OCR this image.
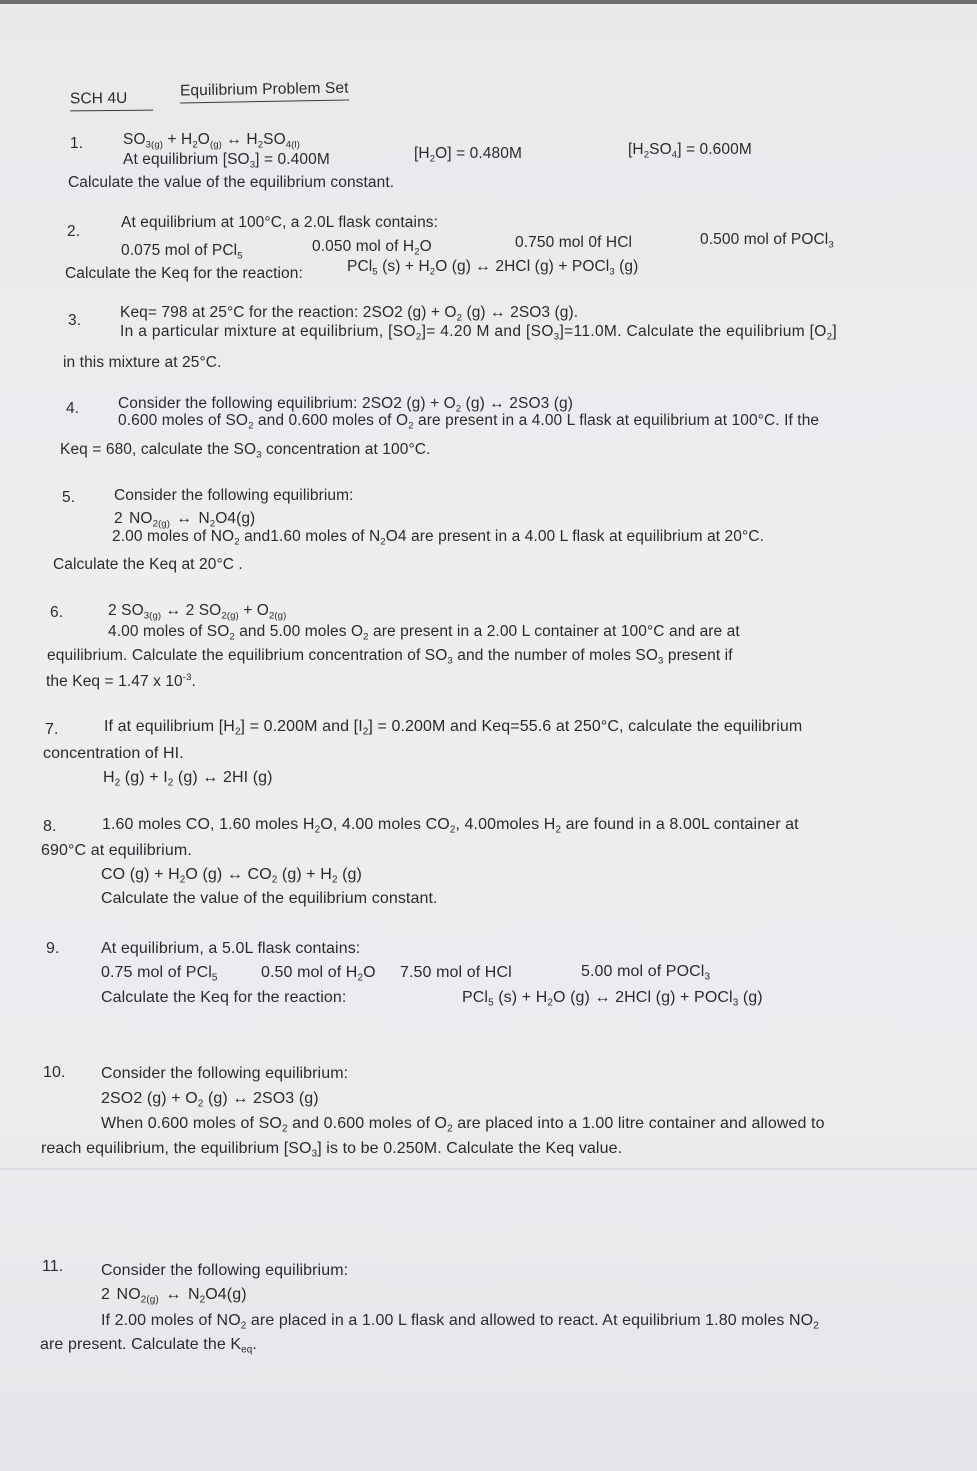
SCH 4U	Equilibrium Problem Set
1.	$SO_{3(g)} + H_2O_{(g)}$ ↔ $H_2SO_{4(l)}$
At equilibrium $[SO_3] = 0.400M$	$[H_2O] = 0.480M$	$[H_2SO_4] = 0.600M$
Calculate the value of the equilibrium constant.
2.
At equilibrium at 100°C, a 2.0L flask contains:
0.075 mol of PCl$_5$
0.050 mol of $H_2O$	0.750 mol 0f HCl	0.500 mol of POCl$_3$
Calculate the Keq for the reaction:	PCl$_5$ $(s) + H_2O$ (g) ↔ 2HCl (g) + POCl$_3$ (g)
3.	Keq= 798 at 25°C for the reaction: 2SO2 $(g) + O_2$ (g) ↔ 2SO3 (g).
In a particular mixture at equilibrium, $[SO_2]= 4.20$ M and $[SO_3]=11.0M$. Calculate the equilibrium $[O_2]$
in this mixture at 25°C.
4.	Consider the following equilibrium: 2SO2 $(g) + O_2$ (g) ↔ 2SO3 (g)
0.600 moles of $SO_2$ and 0.600 moles of $O_2$ are present in a 4.00 L flask at equilibrium at 100°C. If the
Keq = 680, calculate the $SO_3$ concentration at 100°C.
5.	Consider the following equilibrium:
2 $NO_{2(g)}$ ↔ $N_2O4(g)$
2.00 moles of $NO_2$ and1.60 moles of $N_2O4$ are present in a 4.00 L flask at equilibrium at 20°C.
Calculate the Keq at 20°C .
6.	2 $SO_{3(g)}$ ↔ 2 $SO_{2(g)} + O_{2(g)}$
4.00 moles of $SO_2$ and 5.00 moles $O_2$ are present in a 2.00 L container at 100°C and are at
equilibrium. Calculate the equilibrium concentration of $SO_3$ and the number of moles $SO_3$ present if
the Keq = 1.47 x $10^{-3}$.
7.	If at equilibrium $[H_2] = 0.200M$ and $[I_2] = 0.200M$ and Keq=55.6 at 250°C, calculate the equilibrium
concentration of HI.
$H_2$ $(g) + I_2$ (g) ↔ 2HI (g)
8.	1.60 moles CO, 1.60 moles $H_2O$, 4.00 moles $CO_2$, 4.00moles $H_2$ are found in a 8.00L container at
690°C at equilibrium.
CO $(g) + H_2O$ (g) ↔ $CO_2$ $(g) + H_2$ (g)
Calculate the value of the equilibrium constant.
9.	At equilibrium, a 5.0L flask contains:
0.75 mol of PCl$_5$	0.50 mol of $H_2O$ 7.50 mol of HCl	5.00 mol of POCl$_3$
Calculate the Keq for the reaction:	PCl$_5$ $(s) + H_2O$ (g) ↔ 2HCl (g) + POCl$_3$ (g)
10. Consider the following equilibrium:
2SO2 $(g) + O_2$ (g) ↔ 2SO3 (g)
When 0.600 moles of $SO_2$ and 0.600 moles of $O_2$ are placed into a 1.00 litre container and allowed to
reach equilibrium, the equilibrium $[SO_3]$ is to be 0.250M. Calculate the Keq value.
11. Consider the following equilibrium:
2 $NO_{2(g)}$ ↔ $N_2O4(g)$
If 2.00 moles of $NO_2$ are placed in a 1.00 L flask and allowed to react. At equilibrium 1.80 moles $NO_2$
are present. Calculate the $K_{eq}$.
